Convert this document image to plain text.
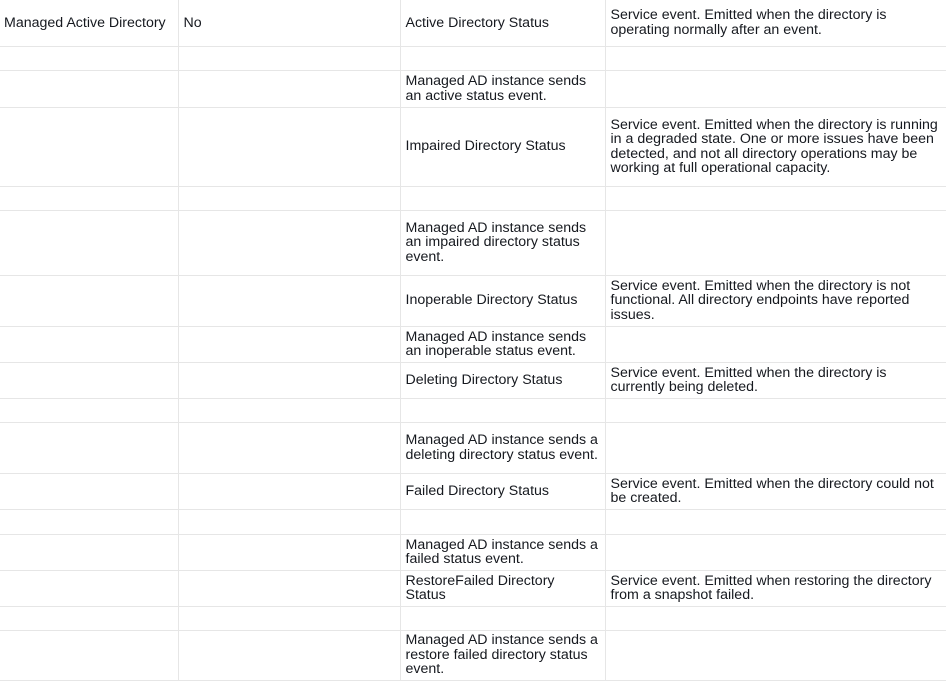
Managed Active Directory	No	Active Directory Status	Service event. Emitted when the directory is operating normally after an event.

		Managed AD instance sends an active status event.	

		Impaired Directory Status	Service event. Emitted when the directory is running in a degraded state. One or more issues have been detected, and not all directory operations may be working at full operational capacity.

		Managed AD instance sends an impaired directory status event.	

		Inoperable Directory Status	Service event. Emitted when the directory is not functional. All directory endpoints have reported issues.

		Managed AD instance sends an inoperable status event.	

		Deleting Directory Status	Service event. Emitted when the directory is currently being deleted.

		Managed AD instance sends a deleting directory status event.	

		Failed Directory Status	Service event. Emitted when the directory could not be created.

		Managed AD instance sends a failed status event.	

		RestoreFailed Directory Status	Service event. Emitted when restoring the directory from a snapshot failed.

		Managed AD instance sends a restore failed directory status event.	
